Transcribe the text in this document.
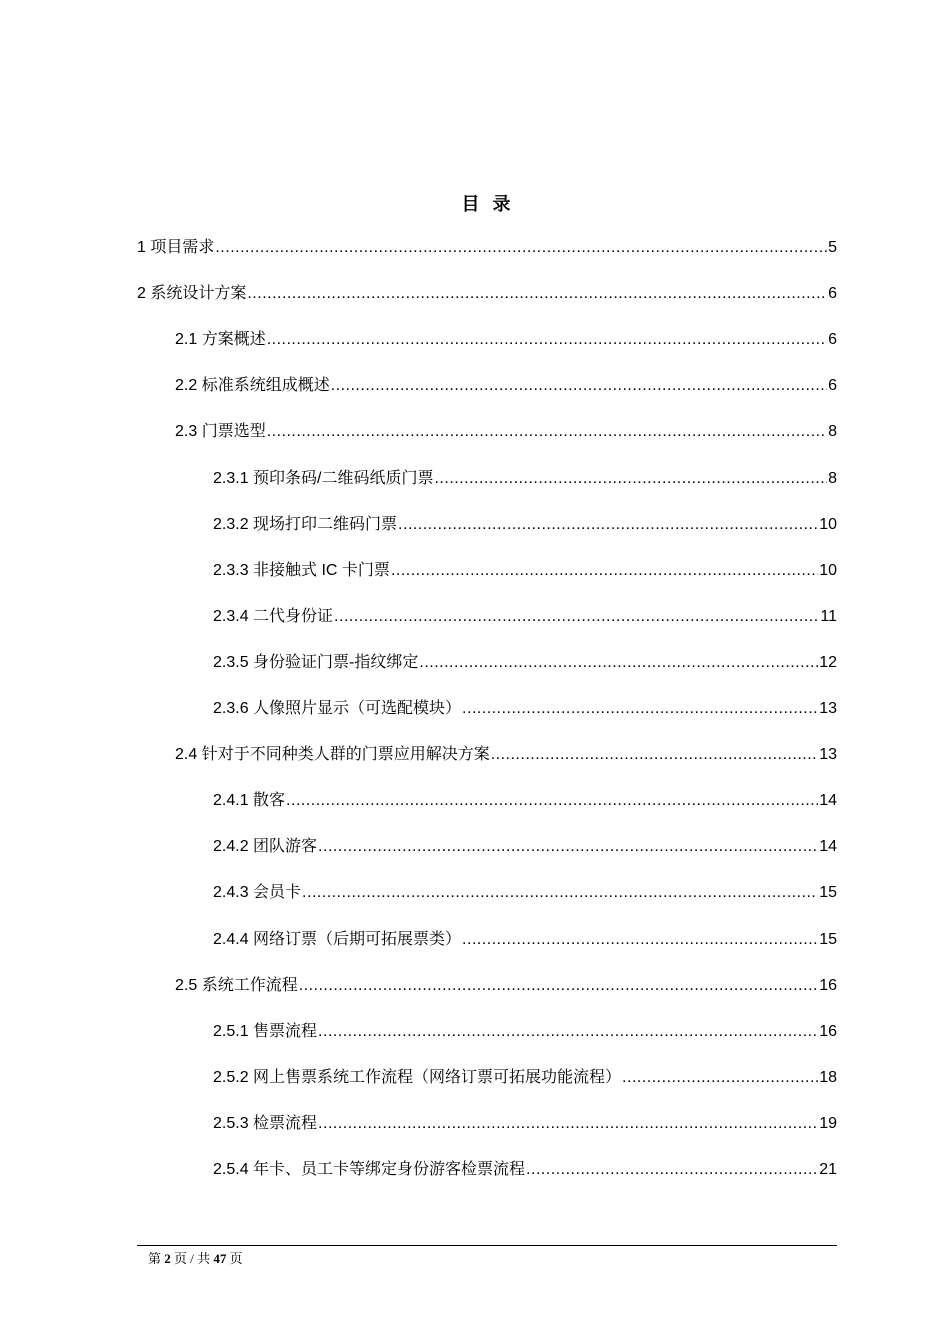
目 录
1 项目需求 .....	5
2 系统设计方案 .....	6
2.1 方案概述 .....	6
2.2 标准系统组成概述 .....	6
2.3 门票选型 .....	8
2.3.1 预印条码/二维码纸质门票 .....	8
2.3.2 现场打印二维码门票 .....	10
2.3.3 非接触式 IC 卡门票 .....	10
2.3.4 二代身份证 .....	11
2.3.5 身份验证门票-指纹绑定 .....	12
2.3.6 人像照片显示（可选配模块） .....	13
2.4 针对于不同种类人群的门票应用解决方案 .....	13
2.4.1 散客 .....	14
2.4.2 团队游客 .....	14
2.4.3 会员卡 .....	15
2.4.4 网络订票（后期可拓展票类） .....	15
2.5 系统工作流程 .....	16
2.5.1 售票流程 .....	16
2.5.2 网上售票系统工作流程（网络订票可拓展功能流程） .....	18
2.5.3 检票流程 .....	19
2.5.4 年卡、员工卡等绑定身份游客检票流程 .....	21
第 2 页 / 共 47 页
